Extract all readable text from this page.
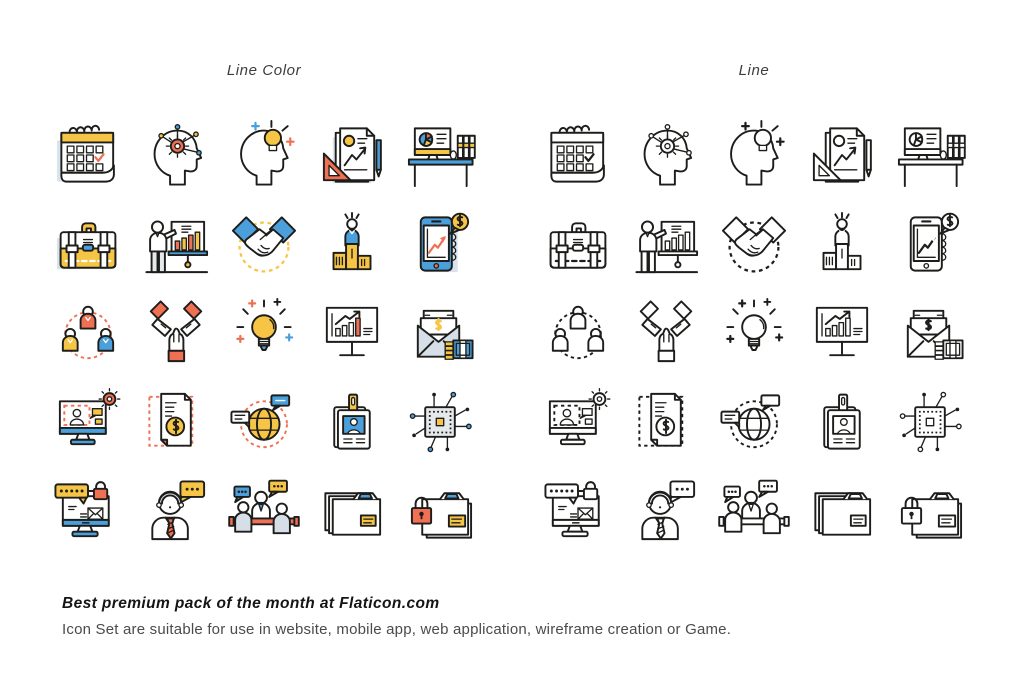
Line Color	Line
Best premium pack of the month at Flaticon.com
Icon Set are suitable for use in website, mobile app, web application, wireframe creation or Game.
